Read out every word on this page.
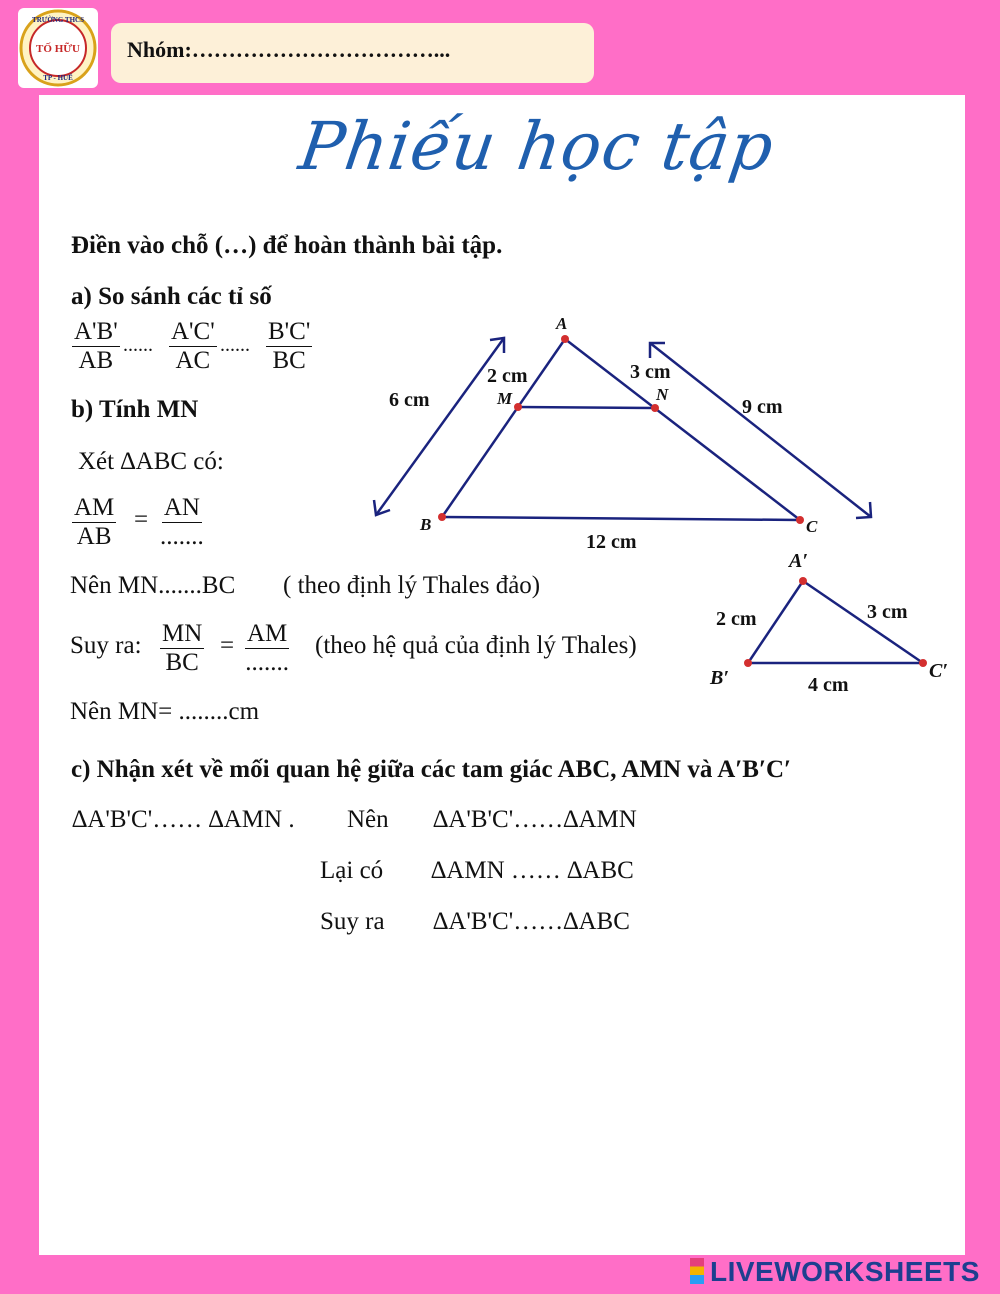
TRƯỜNG THCS
TỐ HỮU
TP - HUẾ
Nhóm:……………………………...
Phiếu học tập
Điền vào chỗ (…) để hoàn thành bài tập.
a) So sánh các tỉ số
$\frac{A'B'}{AB}$ ...... $\frac{A'C'}{AC}$ ...... $\frac{B'C'}{BC}$
b) Tính MN
Xét ∆ABC có:
$\frac{AM}{AB}$ = AN
.......
Nên MN.......BC ( theo định lý Thales đảo)
Suy ra: $\frac{MN}{BC}$ = AM
.......
(theo hệ quả của định lý Thales)
Nên MN= ........cm
c) Nhận xét về mối quan hệ giữa các tam giác ABC, AMN và A′B′C′
∆A'B'C'…… ∆AMN . Nên ∆A'B'C'……∆AMN
Lại có ∆AMN …… ∆ABC
Suy ra ∆A'B'C'……∆ABC
A
B	C
M	N
2 cm	3 cm
6 cm	9 cm
12 cm
A′
B′	C′
2 cm	3 cm
4 cm
LIVEWORKSHEETS
